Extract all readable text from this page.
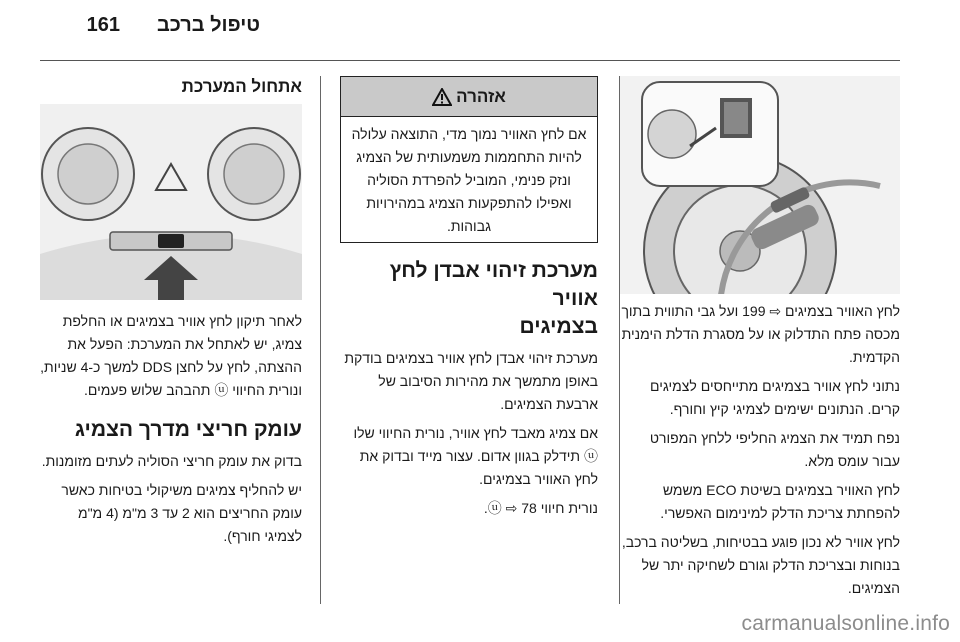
161 טיפול ברכב

לחץ האוויר בצמיגים ⇨ 199 ועל גבי התווית בתוך מכסה פתח התדלוק או על מסגרת הדלת הימנית הקדמית.

נתוני לחץ אוויר בצמיגים מתייחסים לצמיגים קרים. הנתונים ישימים לצמיגי קיץ וחורף.

נפח תמיד את הצמיג החליפי ללחץ המפורט עבור עומס מלא.

לחץ האוויר בצמיגים בשיטת ECO משמש להפחתת צריכת הדלק למינימום האפשרי.

לחץ אוויר לא נכון פוגע בבטיחות, בשליטה ברכב, בנוחות ובצריכת הדלק וגורם לשחיקה יתר של הצמיגים.

אזהרה
אם לחץ האוויר נמוך מדי, התוצאה עלולה להיות התחממות משמעותית של הצמיג ונזק פנימי, המוביל להפרדת הסוליה ואפילו להתפקעות הצמיג במהירויות גבוהות.
מערכת זיהוי אבדן לחץ אוויר
בצמיגים

מערכת זיהוי אבדן לחץ אוויר בצמיגים בודקת באופן מתמשך את מהירות הסיבוב של ארבעת הצמיגים.

אם צמיג מאבד לחץ אוויר, נורית החיווי שלו ⓤ תידלק בגוון אדום. עצור מייד ובדוק את לחץ האוויר בצמיגים.

נורית חיווי ⓤ ⇨ 78.

אתחול המערכת

לאחר תיקון לחץ אוויר בצמיגים או החלפת צמיג, יש לאתחל את המערכת: הפעל את ההצתה, לחץ על לחצן DDS למשך כ-4 שניות, ונורית החיווי ⓤ תהבהב שלוש פעמים.

עומק חריצי מדרך הצמיג

בדוק את עומק חריצי הסוליה לעתים מזומנות.

יש להחליף צמיגים משיקולי בטיחות כאשר עומק החריצים הוא 2 עד 3 מ"מ (4 מ"מ לצמיגי חורף).

carmanualsonline.info
